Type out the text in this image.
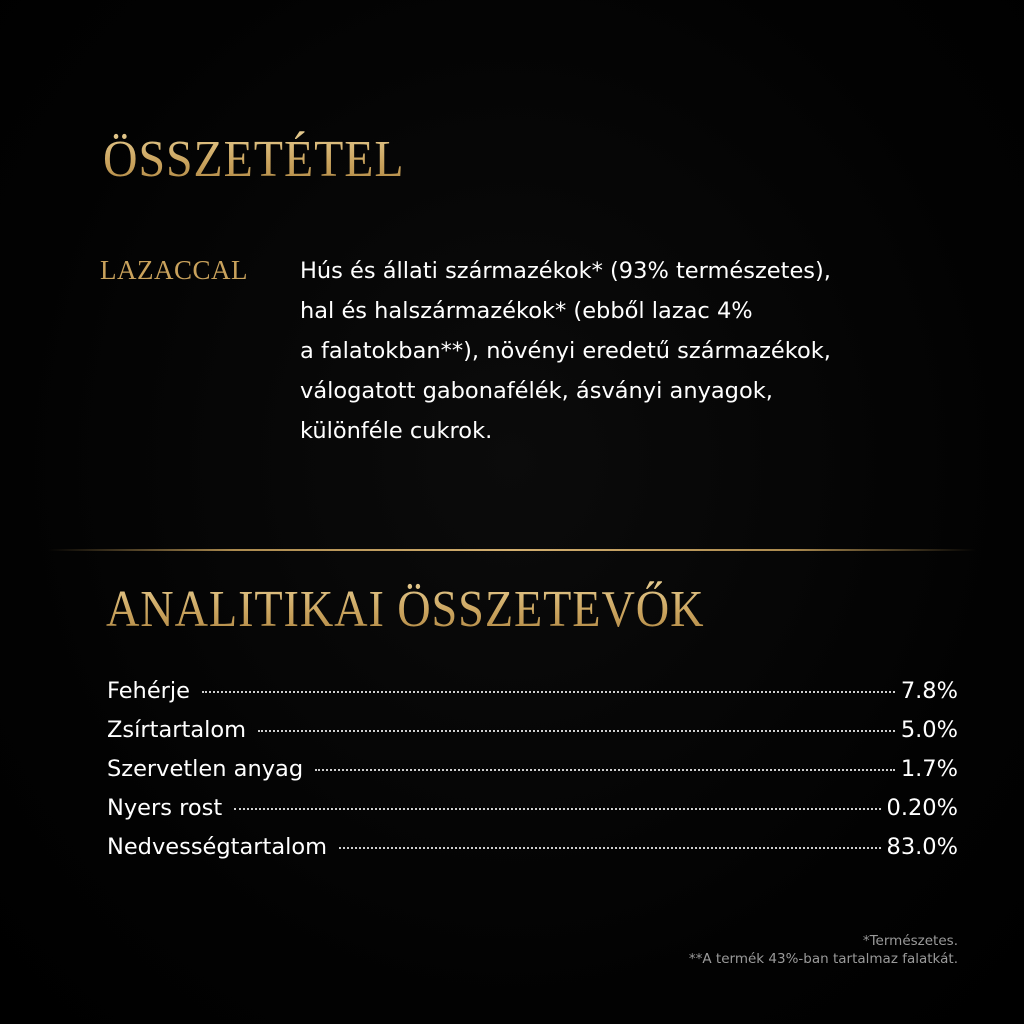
ÖSSZETÉTEL
LAZACCAL Hús és állati származékok* (93% természetes),
hal és halszármazékok* (ebből lazac 4%
a falatokban**), növényi eredetű származékok,
válogatott gabonafélék, ásványi anyagok,
különféle cukrok.

ANALITIKAI ÖSSZETEVŐK
Fehérje	7.8%
Zsírtartalom	5.0%
Szervetlen anyag	1.7%
Nyers rost	0.20%
Nedvességtartalom	83.0%
*Természetes.
**A termék 43%-ban tartalmaz falatkát.
